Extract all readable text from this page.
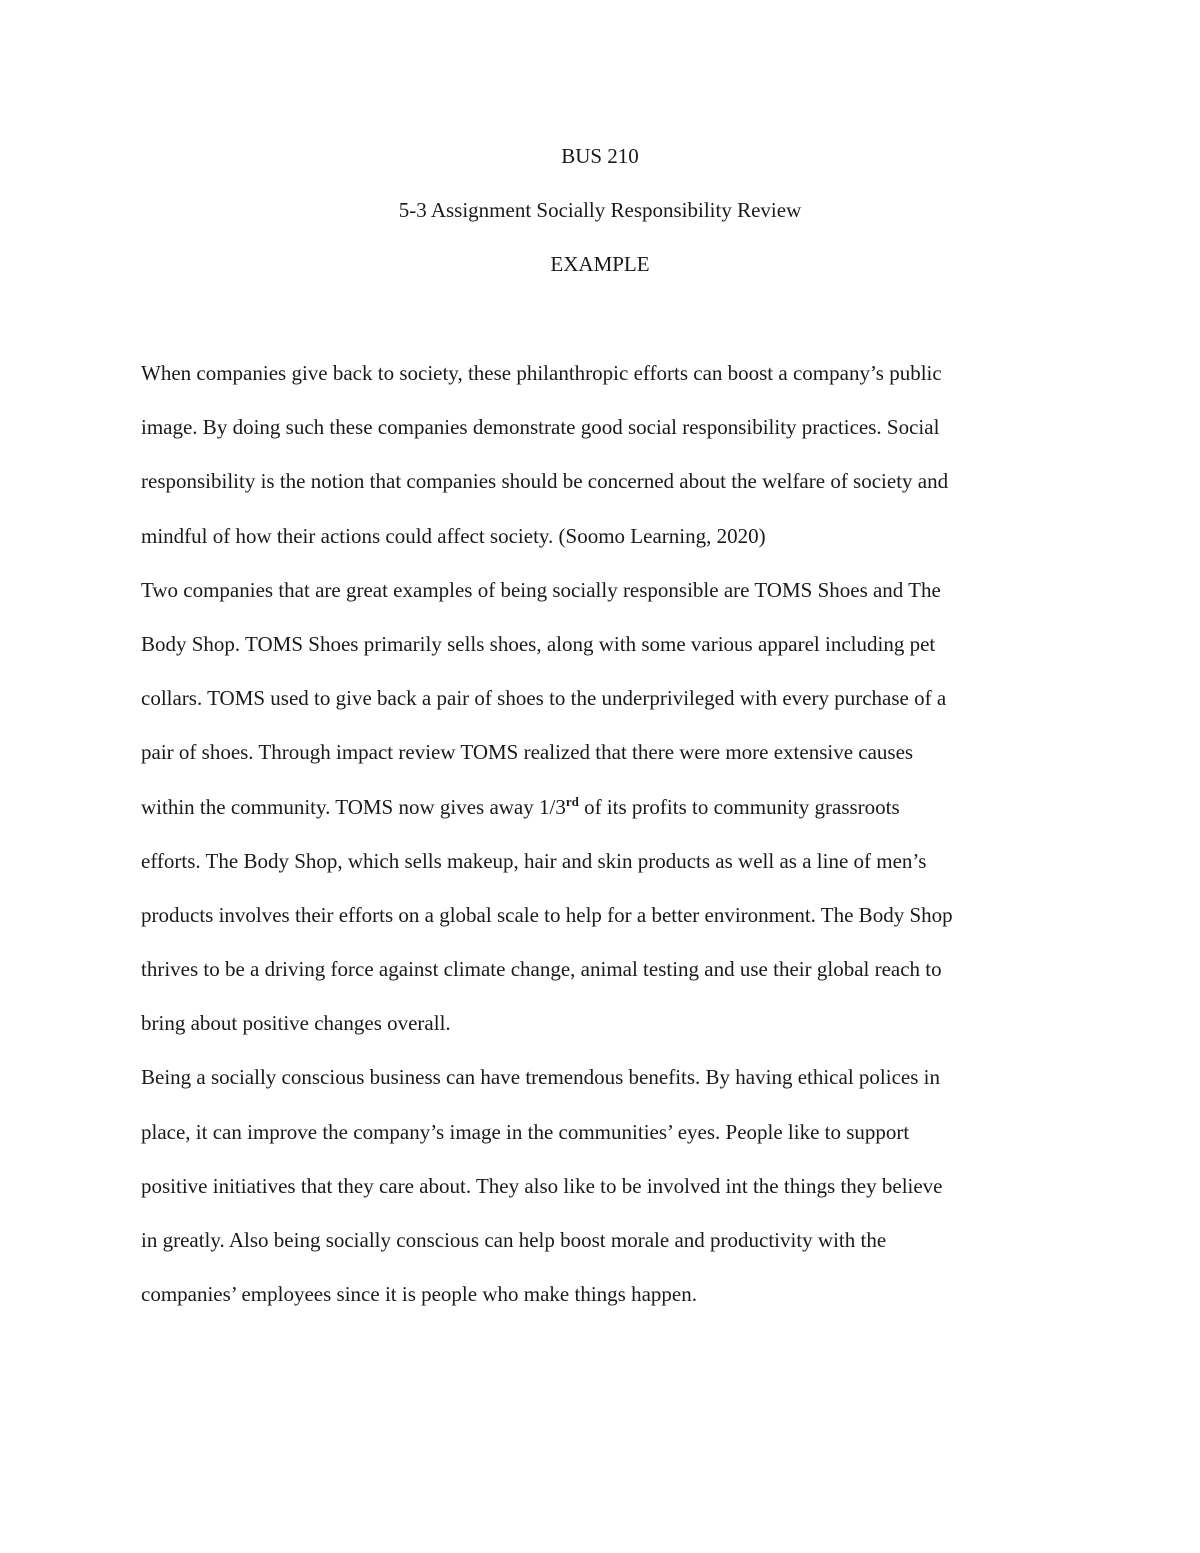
BUS 210

5-3 Assignment Socially Responsibility Review

EXAMPLE

When companies give back to society, these philanthropic efforts can boost a company’s public

image. By doing such these companies demonstrate good social responsibility practices. Social

responsibility is the notion that companies should be concerned about the welfare of society and

mindful of how their actions could affect society. (Soomo Learning, 2020)

Two companies that are great examples of being socially responsible are TOMS Shoes and The

Body Shop. TOMS Shoes primarily sells shoes, along with some various apparel including pet

collars. TOMS used to give back a pair of shoes to the underprivileged with every purchase of a

pair of shoes. Through impact review TOMS realized that there were more extensive causes

within the community. TOMS now gives away 1/3rd of its profits to community grassroots

efforts. The Body Shop, which sells makeup, hair and skin products as well as a line of men’s

products involves their efforts on a global scale to help for a better environment. The Body Shop

thrives to be a driving force against climate change, animal testing and use their global reach to

bring about positive changes overall.

Being a socially conscious business can have tremendous benefits. By having ethical polices in

place, it can improve the company’s image in the communities’ eyes. People like to support

positive initiatives that they care about. They also like to be involved int the things they believe

in greatly. Also being socially conscious can help boost morale and productivity with the

companies’ employees since it is people who make things happen.
